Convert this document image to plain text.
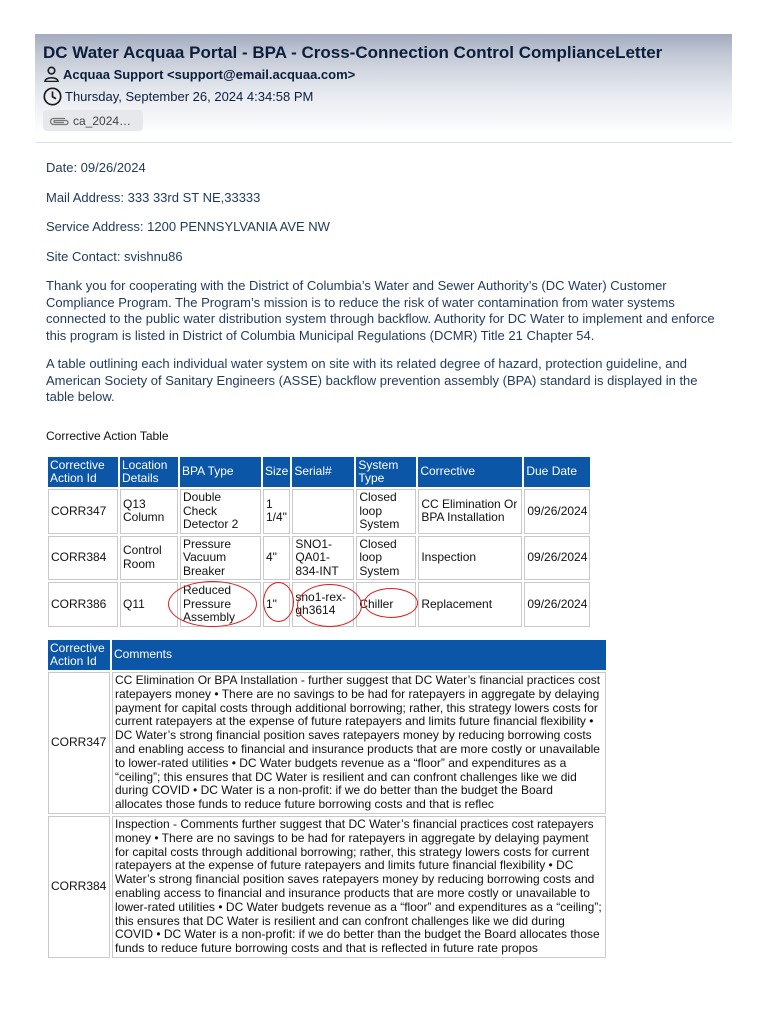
DC Water Acquaa Portal - BPA - Cross-Connection Control ComplianceLetter
Acquaa Support <support@email.acquaa.com>
Thursday, September 26, 2024 4:34:58 PM
ca_2024…

Date: 09/26/2024

Mail Address: 333 33rd ST NE,33333

Service Address: 1200 PENNSYLVANIA AVE NW

Site Contact: svishnu86

Thank you for cooperating with the District of Columbia’s Water and Sewer Authority’s (DC Water) Customer Compliance Program. The Program’s mission is to reduce the risk of water contamination from water systems connected to the public water distribution system through backflow. Authority for DC Water to implement and enforce this program is listed in District of Columbia Municipal Regulations (DCMR) Title 21 Chapter 54.

A table outlining each individual water system on site with its related degree of hazard, protection guideline, and American Society of Sanitary Engineers (ASSE) backflow prevention assembly (BPA) standard is displayed in the table below.

Corrective Action Table
Corrective Action Id	Location Details	BPA Type	Size	Serial#	System Type	Corrective	Due Date
CORR347	Q13 Column	Double Check Detector 2	1 1/4"		Closed loop System	CC Elimination Or BPA Installation	09/26/2024
CORR384	Control Room	Pressure Vacuum Breaker	4"	SNO1-QA01-834-INT	Closed loop System	Inspection	09/26/2024
CORR386	Q11	Reduced Pressure Assembly	1"	sno1-rex-gh3614	Chiller	Replacement	09/26/2024
Corrective Action Id	Comments
CORR347	CC Elimination Or BPA Installation - further suggest that DC Water’s financial practices cost ratepayers money • There are no savings to be had for ratepayers in aggregate by delaying payment for capital costs through additional borrowing; rather, this strategy lowers costs for current ratepayers at the expense of future ratepayers and limits future financial flexibility • DC Water’s strong financial position saves ratepayers money by reducing borrowing costs and enabling access to financial and insurance products that are more costly or unavailable to lower-rated utilities • DC Water budgets revenue as a “floor” and expenditures as a “ceiling”; this ensures that DC Water is resilient and can confront challenges like we did during COVID • DC Water is a non-profit: if we do better than the budget the Board allocates those funds to reduce future borrowing costs and that is reflec
CORR384	Inspection - Comments further suggest that DC Water’s financial practices cost ratepayers money • There are no savings to be had for ratepayers in aggregate by delaying payment for capital costs through additional borrowing; rather, this strategy lowers costs for current ratepayers at the expense of future ratepayers and limits future financial flexibility • DC Water’s strong financial position saves ratepayers money by reducing borrowing costs and enabling access to financial and insurance products that are more costly or unavailable to lower-rated utilities • DC Water budgets revenue as a “floor” and expenditures as a “ceiling”; this ensures that DC Water is resilient and can confront challenges like we did during COVID • DC Water is a non-profit: if we do better than the budget the Board allocates those funds to reduce future borrowing costs and that is reflected in future rate propos
